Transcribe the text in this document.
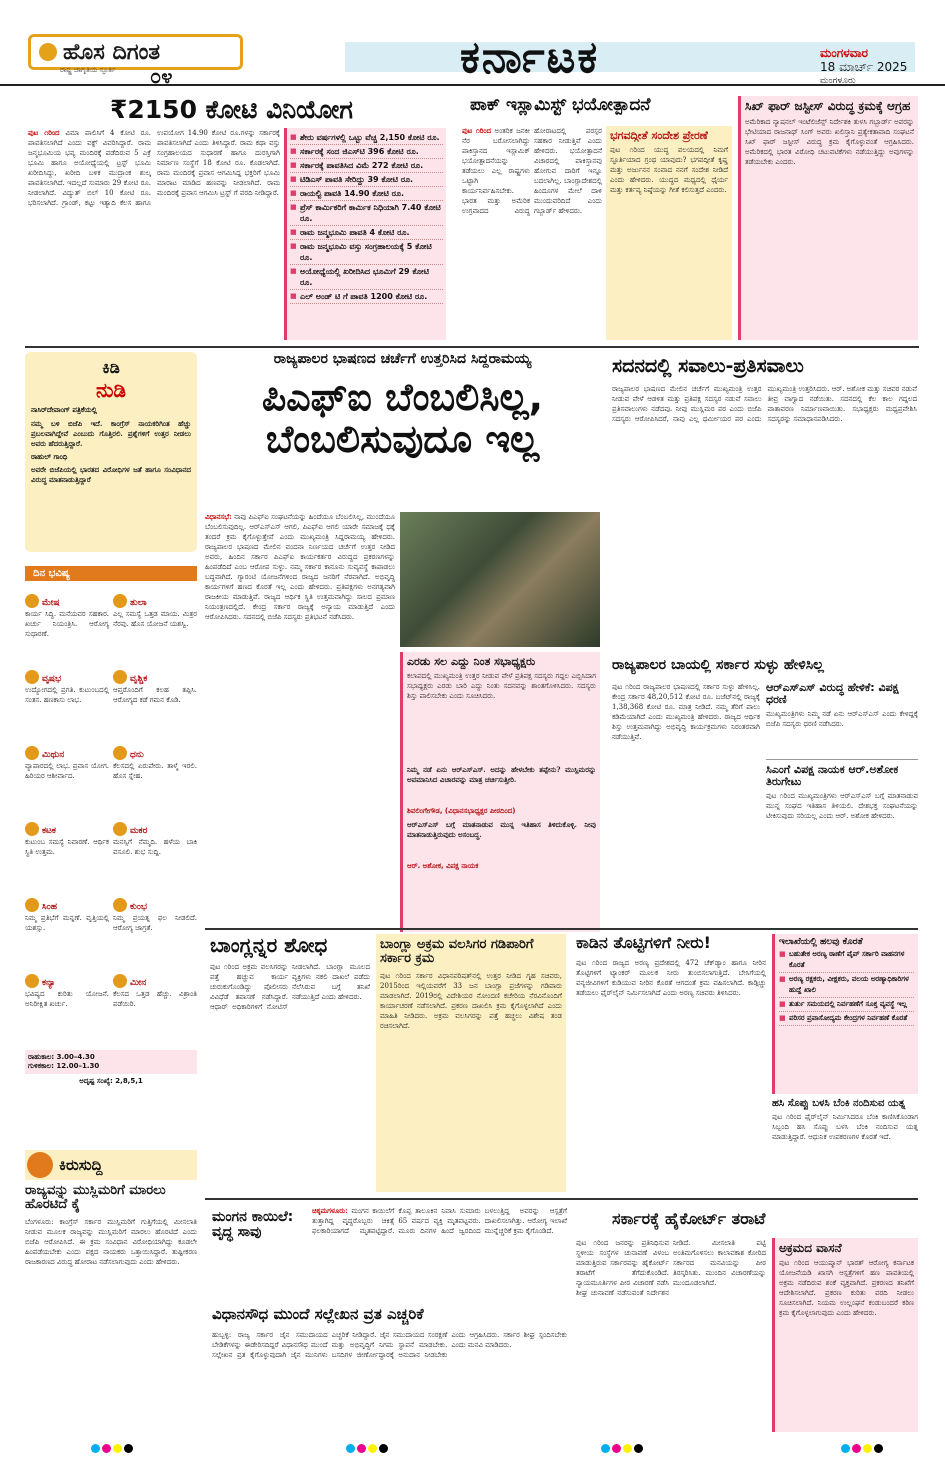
ಹೊಸ ದಿಗಂತ
ರಾಷ್ಟ್ರ ಜಾಗೃತಿಯ ಸ್ಫೂರ್ತಿ ೦೪	ಕರ್ನಾಟಕ	ಮಂಗಳವಾರ
18 ಮಾರ್ಚ್ 2025
ಮಂಗಳೂರು
₹2150 ಕೋಟಿ ವಿನಿಯೋಗ
ಪುಟ ೧ರಿಂದ ವಿಮಾ ಪಾಲಿಸಿಗೆ 4 ಕೋಟಿ ರೂ. ಪಾವತಿಸಲಾಗಿದೆ ಎಂದು ವಕ್ಫ್ ವಿವರಿಸಿದ್ದಾರೆ. ರಾಮ ಜನ್ಮಭೂಮಿಯ ಭವ್ಯ ಮಂದಿರಕ್ಕೆ ಪಡೆದಿರುವ 5 ಎಕ್ರೆ ಭೂಮಿ ಹಾಗೂ ಅಯೋಧ್ಯೆಯಲ್ಲಿ ಟ್ರಸ್ಟ್ ಭೂಮಿ ಖರೀದಿಸಿದ್ದು, ಖರೀದಿ ಬಳಿಕ ಮುದ್ರಾಂಕ ಶುಲ್ಕ ಪಾವತಿಸಲಾಗಿದೆ. ಇದಲ್ಲದೆ ಸುಮಾರು 29 ಕೋಟಿ ರೂ. ನೀಡಲಾಗಿದೆ. ವಿದ್ಯುತ್ ಬಿಲ್ 10 ಕೋಟಿ ರೂ. ಭರಿಸಲಾಗಿದೆ. ಗ್ರಾಂಡ್, ಕಟ್ಟು ಇತ್ಯಾದಿ ಕೆಲಸ ಹಾಗೂ ಉಪಯೋಗ 14.90 ಕೋಟಿ ರೂ.ಗಳನ್ನು ಸರ್ಕಾರಕ್ಕೆ ಪಾವತಿಸಲಾಗಿದೆ ಎಂದು ತಿಳಿಸಿದ್ದಾರೆ. ರಾಮ ಕಥಾ ವಸ್ತು ಸಂಗ್ರಹಾಲಯದ ಸುಧಾರಣೆ ಹಾಗೂ ದುರಸ್ತಿಗಾಗಿ ನಿರ್ಮಾಣ ಸಂಸ್ಥೆಗೆ 18 ಕೋಟಿ ರೂ. ಕೊಡಲಾಗಿದೆ. ರಾಮ ಮಂದಿರಕ್ಕೆ ಪ್ರವಾಸ ಆಗಮಿಸಿದ್ದ ಭಕ್ತರಿಗೆ ಭೂಮಿ ಮಾರಾಟ ಮಾಡಿದ ಹಣವನ್ನು ನೀಡಲಾಗಿದೆ. ರಾಮ ಮಂದಿರಕ್ಕೆ ಪ್ರವಾಸ ಆಗಮಿಸಿ ಟ್ರಸ್ಟ್ ಗೆ ವರದಿ ನೀಡಿದ್ದಾರೆ.
■ ಶೇರು ವರ್ಷಗಳಲ್ಲಿ ಒಟ್ಟು ವೆಚ್ಚ 2,150 ಕೋಟಿ ರೂ.
■ ಸರ್ಕಾರಕ್ಕೆ ಸಂದ ಜಿಎಸ್‌ಟಿ 396 ಕೋಟಿ ರೂ.
■ ಸರ್ಕಾರಕ್ಕೆ ಪಾವತಿಸಿದ ವಿಮೆ 272 ಕೋಟಿ ರೂ.
■ ಟಿಡಿಎಸ್ ಪಾವತಿ ಸೇರಿದ್ದು 39 ಕೋಟಿ ರೂ.
■ ರಾಯಲ್ಟಿ ಪಾವತಿ 14.90 ಕೋಟಿ ರೂ.
■ ಪ್ರೆಸ್ ಕಾರ್ಮಿಕರಿಗೆ ಕಾರ್ಮಿಕ ನಿಧಿಯಾಗಿ 7.40 ಕೋಟಿ ರೂ.
■ ರಾಮ ಜನ್ಮಭೂಮಿ ಪಾವತಿ 4 ಕೋಟಿ ರೂ.
■ ರಾಮ ಜನ್ಮಭೂಮಿ ವಸ್ತು ಸಂಗ್ರಹಾಲಯಕ್ಕೆ 5 ಕೋಟಿ ರೂ.
■ ಅಯೋಧ್ಯೆಯಲ್ಲಿ ಖರೀದಿಸಿದ ಭೂಮಿಗೆ 29 ಕೋಟಿ ರೂ.
■ ಎಲ್ ಅಂಡ್ ಟಿ ಗೆ ಪಾವತಿ 1200 ಕೋಟಿ ರೂ.
ಪಾಕ್ ಇಸ್ಲಾಮಿಸ್ಟ್ ಭಯೋತ್ಪಾದನೆ
ಪುಟ ೧ರಿಂದ ಅಂತರಿಕ ಜನಕೀ ನೆರ ಬರೋಸಲಾಗಿದ್ದು ಪಾಕಿಸ್ತಾನದ ಇಸ್ಲಾಮಿಕ್ ಭಯೋತ್ಪಾದನೆಯನ್ನು ತಡೆಯಲು ಎಲ್ಲ ರಾಷ್ಟ್ರಗಳು ಒಟ್ಟಾಗಿ ಕಾರ್ಯನಿರ್ವಹಿಸಬೇಕು. ಭಾರತ ಮತ್ತು ಅಮೆರಿಕ ಉಗ್ರವಾದದ ವಿರುದ್ಧ ಹೋರಾಟದಲ್ಲಿ ಪರಸ್ಪರ ಸಹಕಾರ ನೀಡುತ್ತಿವೆ ಎಂದು ಹೇಳಿದರು. ಭಯೋತ್ಪಾದನೆ ವಿಚಾರದಲ್ಲಿ ಪಾಕಿಸ್ತಾನವು ಹೋಗುವ ದಾರಿಗೆ ಇನ್ನೂ ಬದಲಾಗಿಲ್ಲ. ಬಾಂಗ್ಲಾದೇಶದಲ್ಲಿ ಹಿಂದೂಗಳ ಮೇಲೆ ದಾಳಿ ಮುಂದುವರಿದಿದೆ ಎಂದು ಗಬ್ಬಾರ್ಡ್ ಹೇಳಿದರು.
ಭಗವದ್ಗೀತೆ ಸಂದೇಶ ಪ್ರೇರಣೆ
ಪುಟ ೧ರಿಂದ ಯುದ್ಧ ವಲಯದಲ್ಲಿ ನಿಮಗೆ ಸ್ಫೂರ್ತಿಯಾದ ಗ್ರಂಥ ಯಾವುದು? ಭಗವದ್ಗೀತೆ ಕೃಷ್ಣ ಮತ್ತು ಅರ್ಜುನನ ಸಂವಾದ ನನಗೆ ಸಂದೇಶ ನೀಡಿದೆ ಎಂದು ಹೇಳಿದರು. ಯುದ್ಧದ ಮಧ್ಯದಲ್ಲಿ ಧೈರ್ಯ ಮತ್ತು ಕರ್ತವ್ಯ ನಿಷ್ಠೆಯನ್ನು ಗೀತೆ ಕಲಿಸುತ್ತದೆ ಎಂದರು.
ಸಿಖ್ ಫಾರ್ ಜಸ್ಟೀಸ್ ವಿರುದ್ಧ ಕ್ರಮಕ್ಕೆ ಆಗ್ರಹ
ಅಮೆರಿಕಾದ ನ್ಯಾಷನಲ್ ಇಂಟೆಲಿಜೆನ್ಸ್ ನಿರ್ದೇಶಕಿ ತುಳಸಿ ಗಬ್ಬಾರ್ಡ್ ಅವರನ್ನು ಭೇಟಿಯಾದ ರಾಜನಾಥ್ ಸಿಂಗ್ ಅವರು ಖಲಿಸ್ತಾನಿ ಪ್ರತ್ಯೇಕತಾವಾದಿ ಸಂಘಟನೆ ಸಿಖ್ ಫಾರ್ ಜಸ್ಟೀಸ್ ವಿರುದ್ಧ ಕ್ರಮ ಕೈಗೊಳ್ಳುವಂತೆ ಆಗ್ರಹಿಸಿದರು. ಅಮೆರಿಕದಲ್ಲಿ ಭಾರತ ವಿರೋಧಿ ಚಟುವಟಿಕೆಗಳು ನಡೆಯುತ್ತಿದ್ದು ಅವುಗಳನ್ನು ತಡೆಯಬೇಕು ಎಂದರು.
ಕಿಡಿ
ನುಡಿ
ನಾಸಿರ್‌ದೇವಾಂಗ್ ಪತ್ರಿಕೆಯಲ್ಲಿ
ನಮ್ಮ ಬಳಿ ಬಿಜೆಪಿ ಇದೆ. ಕಾಂಗ್ರೆಸ್ ನಾಯಕರಿಗಿಂತ ಹೆಚ್ಚು ಪ್ರಬಲವಾಗಿದ್ದೇವೆ ಎಂಬುದು ಗೊತ್ತಿರಲಿ. ಪ್ರಶ್ನೆಗಳಿಗೆ ಉತ್ತರ ನೀಡಲು ಅವರು ಹೆದರುತ್ತಿದ್ದಾರೆ.
ರಾಹುಲ್ ಗಾಂಧಿ
ಅವರೇ ಬಿಜೆಪಿಯಲ್ಲಿ ಭಾರತದ ವಿರೋಧಿಗಳ ಜತೆ ಹಾಗೂ ಸಂವಿಧಾನದ ವಿರುದ್ಧ ಮಾತನಾಡುತ್ತಿದ್ದಾರೆ
ದಿನ ಭವಿಷ್ಯ
ಮೇಷ
ಕಾರ್ಯ ಸಿದ್ಧಿ. ಮನೆಯವರ ಸಹಕಾರ. ಖರ್ಚು ನಿಯಂತ್ರಿಸಿ. ಆರೋಗ್ಯ ಸುಧಾರಣೆ.
ತುಲಾ
ಎಲ್ಲ ಸಮಸ್ಯೆ ಒತ್ತಡ ಮಾಯ. ಮಿತ್ರರ ನೆರವು. ಹೊಸ ಯೋಜನೆ ಯಶಸ್ವಿ.
ವೃಷಭ
ಉದ್ಯೋಗದಲ್ಲಿ ಪ್ರಗತಿ. ಕುಟುಂಬದಲ್ಲಿ ಸಂತಸ. ಹಣಕಾಸು ಲಾಭ.
ವೃಶ್ಚಿಕ
ಆಪ್ತರೊಂದಿಗೆ ಕಲಹ ತಪ್ಪಿಸಿ. ಆರೋಗ್ಯದ ಕಡೆ ಗಮನ ಕೊಡಿ.
ಮಿಥುನ
ವ್ಯಾಪಾರದಲ್ಲಿ ಲಾಭ. ಪ್ರವಾಸ ಯೋಗ. ಹಿರಿಯರ ಆಶೀರ್ವಾದ.
ಧನು
ಕೆಲಸದಲ್ಲಿ ಏರುಪೇರು. ತಾಳ್ಮೆ ಇರಲಿ. ಹೊಸ ಸ್ನೇಹ.
ಕಟಕ
ಕುಟುಂಬ ಸಮಸ್ಯೆ ನಿವಾರಣೆ. ಆರ್ಥಿಕ ಸ್ಥಿತಿ ಉತ್ತಮ.
ಮಕರ
ಮನಸ್ಸಿಗೆ ನೆಮ್ಮದಿ. ಹಳೆಯ ಬಾಕಿ ವಸೂಲಿ. ಶುಭ ಸುದ್ದಿ.
ಸಿಂಹ
ನಿಮ್ಮ ಪ್ರತಿಭೆಗೆ ಮನ್ನಣೆ. ವೃತ್ತಿಯಲ್ಲಿ ಯಶಸ್ಸು.
ಕುಂಭ
ನಿಮ್ಮ ಪ್ರಯತ್ನ ಫಲ ನೀಡಲಿದೆ. ಆರೋಗ್ಯ ಜಾಗ್ರತೆ.
ಕನ್ಯಾ
ಭವಿಷ್ಯದ ಕುರಿತು ಯೋಜನೆ. ಅನಿರೀಕ್ಷಿತ ಖರ್ಚು.
ಮೀನ
ಕೆಲಸದ ಒತ್ತಡ ಹೆಚ್ಚು. ವಿಶ್ರಾಂತಿ ಪಡೆಯಿರಿ.
ರಾಹುಕಾಲ: 3.00–4.30
ಗುಳಿಕಕಾಲ: 12.00–1.30
ಅದೃಷ್ಟ ಸಂಖ್ಯೆ: 2,8,5,1
ಕಿರುಸುದ್ದಿ
ರಾಜ್ಯವನ್ನು ಮುಸ್ಲಿಮರಿಗೆ ಮಾರಲು ಹೊರಟಿದೆ ಕೈ
ಬೆಂಗಳೂರು: ಕಾಂಗ್ರೆಸ್ ಸರ್ಕಾರ ಮುಸ್ಲಿಮರಿಗೆ ಗುತ್ತಿಗೆಯಲ್ಲಿ ಮೀಸಲಾತಿ ನೀಡುವ ಮೂಲಕ ರಾಜ್ಯವನ್ನು ಮುಸ್ಲಿಮರಿಗೆ ಮಾರಲು ಹೊರಟಿದೆ ಎಂದು ಬಿಜೆಪಿ ಆರೋಪಿಸಿದೆ. ಈ ಕ್ರಮ ಸಂವಿಧಾನ ವಿರೋಧಿಯಾಗಿದ್ದು ಕೂಡಲೇ ಹಿಂಪಡೆಯಬೇಕು ಎಂದು ಪಕ್ಷದ ನಾಯಕರು ಒತ್ತಾಯಿಸಿದ್ದಾರೆ. ತುಷ್ಟೀಕರಣ ರಾಜಕಾರಣದ ವಿರುದ್ಧ ಹೋರಾಟ ನಡೆಸಲಾಗುವುದು ಎಂದು ಹೇಳಿದರು.
ರಾಜ್ಯಪಾಲರ ಭಾಷಣದ ಚರ್ಚೆಗೆ ಉತ್ತರಿಸಿದ ಸಿದ್ದರಾಮಯ್ಯ
ಪಿಎಫ್‌ಐ ಬೆಂಬಲಿಸಿಲ್ಲ,
ಬೆಂಬಲಿಸುವುದೂ ಇಲ್ಲ
ವಿಧಾನಸಭೆ: ನಾವು ಪಿಎಫ್‌ಐ ಸಂಘಟನೆಯನ್ನು ಹಿಂದೆಯೂ ಬೆಂಬಲಿಸಿಲ್ಲ, ಮುಂದೆಯೂ ಬೆಂಬಲಿಸುವುದಿಲ್ಲ. ಆರ್‌ಎಸ್‌ಎಸ್ ಆಗಲಿ, ಪಿಎಫ್‌ಐ ಆಗಲಿ ಯಾರೇ ಸಮಾಜಕ್ಕೆ ಧಕ್ಕೆ ತಂದರೆ ಕ್ರಮ ಕೈಗೊಳ್ಳುತ್ತೇವೆ ಎಂದು ಮುಖ್ಯಮಂತ್ರಿ ಸಿದ್ದರಾಮಯ್ಯ ಹೇಳಿದರು. ರಾಜ್ಯಪಾಲರ ಭಾಷಣದ ಮೇಲಿನ ವಂದನಾ ನಿರ್ಣಯದ ಚರ್ಚೆಗೆ ಉತ್ತರ ನೀಡಿದ ಅವರು, ಹಿಂದಿನ ಸರ್ಕಾರ ಪಿಎಫ್‌ಐ ಕಾರ್ಯಕರ್ತರ ವಿರುದ್ಧದ ಪ್ರಕರಣಗಳನ್ನು ಹಿಂಪಡೆದಿದೆ ಎಂಬ ಆರೋಪ ಸುಳ್ಳು. ನಮ್ಮ ಸರ್ಕಾರ ಕಾನೂನು ಸುವ್ಯವಸ್ಥೆ ಕಾಪಾಡಲು ಬದ್ಧವಾಗಿದೆ. ಗ್ಯಾರಂಟಿ ಯೋಜನೆಗಳಿಂದ ರಾಜ್ಯದ ಜನರಿಗೆ ನೆರವಾಗಿದೆ. ಅಭಿವೃದ್ಧಿ ಕಾರ್ಯಗಳಿಗೆ ಹಣದ ಕೊರತೆ ಇಲ್ಲ ಎಂದು ಹೇಳಿದರು. ಪ್ರತಿಪಕ್ಷಗಳು ಅನಗತ್ಯವಾಗಿ ರಾಜಕೀಯ ಮಾಡುತ್ತಿವೆ. ರಾಜ್ಯದ ಆರ್ಥಿಕ ಸ್ಥಿತಿ ಉತ್ತಮವಾಗಿದ್ದು ಸಾಲದ ಪ್ರಮಾಣ ನಿಯಂತ್ರಣದಲ್ಲಿದೆ. ಕೇಂದ್ರ ಸರ್ಕಾರ ರಾಜ್ಯಕ್ಕೆ ಅನ್ಯಾಯ ಮಾಡುತ್ತಿದೆ ಎಂದು ಆರೋಪಿಸಿದರು. ಸದನದಲ್ಲಿ ಬಿಜೆಪಿ ಸದಸ್ಯರು ಪ್ರತಿಭಟನೆ ನಡೆಸಿದರು.
ಎರಡು ಸಲ ಎದ್ದು ನಿಂತ ಸಭಾಧ್ಯಕ್ಷರು
ಕಲಾಪದಲ್ಲಿ ಮುಖ್ಯಮಂತ್ರಿ ಉತ್ತರ ನೀಡುವ ವೇಳೆ ಪ್ರತಿಪಕ್ಷ ಸದಸ್ಯರು ಗದ್ದಲ ಎಬ್ಬಿಸಿದಾಗ ಸಭಾಧ್ಯಕ್ಷರು ಎರಡು ಬಾರಿ ಎದ್ದು ನಿಂತು ಸದನವನ್ನು ಶಾಂತಗೊಳಿಸಿದರು. ಸದಸ್ಯರು ಶಿಸ್ತು ಪಾಲಿಸಬೇಕು ಎಂದು ಸೂಚಿಸಿದರು.
ನಿಮ್ಮ ನಡೆ ಏನು ಆರ್‌ಎಸ್‌ಎಸ್. ಅದನ್ನು ಹೇಳಬೇಕು ತಪ್ಪೇನು? ಮುಸ್ಲಿಮರನ್ನು ಅವಮಾನಿಸಿದ ವಿಚಾರವನ್ನು ಮಾತ್ರ ಚರ್ಚಿಸುತ್ತೀರಿ.
ಶಿವಲಿಂಗೇಗೌಡ, (ವಿಧಾನಸಭಾಧ್ಯಕ್ಷರ ಪೀಠದಿಂದ)
ಆರ್‌ಎಸ್‌ಎಸ್ ಬಗ್ಗೆ ಮಾತನಾಡುವ ಮುನ್ನ ಇತಿಹಾಸ ತಿಳಿದುಕೊಳ್ಳಿ. ನೀವು ಮಾತನಾಡುತ್ತಿರುವುದು ಅಸಂಬದ್ಧ.
ಆರ್. ಅಶೋಕ, ವಿಪಕ್ಷ ನಾಯಕ
ಸದನದಲ್ಲಿ ಸವಾಲು-ಪ್ರತಿಸವಾಲು
ರಾಜ್ಯಪಾಲರ ಭಾಷಣದ ಮೇಲಿನ ಚರ್ಚೆಗೆ ಮುಖ್ಯಮಂತ್ರಿ ಉತ್ತರ ನೀಡುವ ವೇಳೆ ಆಡಳಿತ ಮತ್ತು ಪ್ರತಿಪಕ್ಷ ಸದಸ್ಯರ ನಡುವೆ ಸವಾಲು ಪ್ರತಿಸವಾಲುಗಳು ನಡೆದವು. ನೀವು ಮುಸ್ಲಿಮರ ಪರ ಎಂದು ಬಿಜೆಪಿ ಸದಸ್ಯರು ಆರೋಪಿಸಿದರೆ, ನಾವು ಎಲ್ಲ ಧರ್ಮೀಯರ ಪರ ಎಂದು ಮುಖ್ಯಮಂತ್ರಿ ಉತ್ತರಿಸಿದರು. ಆರ್. ಅಶೋಕ ಮತ್ತು ಸಚಿವರ ನಡುವೆ ತೀವ್ರ ವಾಗ್ವಾದ ನಡೆಯಿತು. ಸದನದಲ್ಲಿ ಕೆಲ ಕಾಲ ಗದ್ದಲದ ವಾತಾವರಣ ನಿರ್ಮಾಣವಾಯಿತು. ಸಭಾಧ್ಯಕ್ಷರು ಮಧ್ಯಪ್ರವೇಶಿಸಿ ಸದಸ್ಯರನ್ನು ಸಮಾಧಾನಪಡಿಸಿದರು.
ರಾಜ್ಯಪಾಲರ ಬಾಯಲ್ಲಿ ಸರ್ಕಾರ ಸುಳ್ಳು ಹೇಳಿಸಿಲ್ಲ
ಪುಟ ೧ರಿಂದ ರಾಜ್ಯಪಾಲರ ಭಾಷಣದಲ್ಲಿ ಸರ್ಕಾರ ಸುಳ್ಳು ಹೇಳಿಸಿಲ್ಲ. ಕೇಂದ್ರ ಸರ್ಕಾರ 48,20,512 ಕೋಟಿ ರೂ. ಬಜೆಟ್‌ನಲ್ಲಿ ರಾಜ್ಯಕ್ಕೆ 1,38,368 ಕೋಟಿ ರೂ. ಮಾತ್ರ ನೀಡಿದೆ. ನಮ್ಮ ತೆರಿಗೆ ಪಾಲು ಕಡಿಮೆಯಾಗಿದೆ ಎಂದು ಮುಖ್ಯಮಂತ್ರಿ ಹೇಳಿದರು. ರಾಜ್ಯದ ಆರ್ಥಿಕ ಶಿಸ್ತು ಉತ್ತಮವಾಗಿದ್ದು ಅಭಿವೃದ್ಧಿ ಕಾರ್ಯಕ್ರಮಗಳು ನಿರಂತರವಾಗಿ ನಡೆಯುತ್ತಿವೆ.
ಆರ್‌ಎಸ್‌ಎಸ್ ವಿರುದ್ಧ ಹೇಳಿಕೆ: ವಿಪಕ್ಷ ಧರಣಿ
ಮುಖ್ಯಮಂತ್ರಿಗಳು ನಿಮ್ಮ ನಡೆ ಏನು ಆರ್‌ಎಸ್‌ಎಸ್ ಎಂದು ಕೇಳಿದ್ದಕ್ಕೆ ಬಿಜೆಪಿ ಸದಸ್ಯರು ಧರಣಿ ನಡೆಸಿದರು.
ಸಿಎಂಗೆ ವಿಪಕ್ಷ ನಾಯಕ ಆರ್.ಅಶೋಕ ತಿರುಗೇಟು
ಪುಟ ೧ರಿಂದ ಮುಖ್ಯಮಂತ್ರಿಗಳು ಆರ್‌ಎಸ್‌ಎಸ್ ಬಗ್ಗೆ ಮಾತನಾಡುವ ಮುನ್ನ ಸಂಘದ ಇತಿಹಾಸ ತಿಳಿಯಲಿ. ದೇಶಭಕ್ತ ಸಂಘಟನೆಯನ್ನು ಟೀಕಿಸುವುದು ಸರಿಯಲ್ಲ ಎಂದು ಆರ್. ಅಶೋಕ ಹೇಳಿದರು.
ಬಾಂಗ್ಲನ್ನರ ಶೋಧ
ಪುಟ ೧ರಿಂದ ಅಕ್ರಮ ವಲಸಿಗರನ್ನು ಪತ್ತೆ ಹಚ್ಚುವ ಕಾರ್ಯ ಚುರುಕುಗೊಂಡಿದ್ದು ಪೊಲೀಸರು ವಿವಿಧೆಡೆ ತಪಾಸಣೆ ನಡೆಸಿದ್ದಾರೆ. ಆಧಾರ್ ಅಧಿಕಾರಿಗಳಿಗೆ ನೋಟಿಸ್ ನೀಡಲಾಗಿದೆ. ಬಾಂಗ್ಲಾ ಮೂಲದ ವ್ಯಕ್ತಿಗಳು ನಕಲಿ ದಾಖಲೆ ಪಡೆದು ನೆಲೆಸಿರುವ ಬಗ್ಗೆ ತನಿಖೆ ನಡೆಯುತ್ತಿದೆ ಎಂದು ಹೇಳಿದರು.
ಬಾಂಗ್ಲಾ ಅಕ್ರಮ ವಲಸಿಗರ ಗಡಿಪಾರಿಗೆ ಸರ್ಕಾರ ಕ್ರಮ
ಪುಟ ೧ರಿಂದ ಸರ್ಕಾರ ವಿಧಾನಪರಿಷತ್‌ನಲ್ಲಿ ಉತ್ತರ ನೀಡಿದ ಗೃಹ ಸಚಿವರು, 2015ರಿಂದ ಇಲ್ಲಿಯವರೆಗೆ 33 ಜನ ಬಾಂಗ್ಲಾ ಪ್ರಜೆಗಳನ್ನು ಗಡಿಪಾರು ಮಾಡಲಾಗಿದೆ. 2019ರಲ್ಲಿ ವಿದೇಶಿಯರ ನೋಂದಣಿ ಕಚೇರಿಯ ನೆರವಿನೊಂದಿಗೆ ಕಾರ್ಯಾಚರಣೆ ನಡೆಸಲಾಗಿದೆ. ಪ್ರಕರಣ ದಾಖಲಿಸಿ ಕ್ರಮ ಕೈಗೊಳ್ಳಲಾಗಿದೆ ಎಂದು ಮಾಹಿತಿ ನೀಡಿದರು. ಅಕ್ರಮ ವಲಸಿಗರನ್ನು ಪತ್ತೆ ಹಚ್ಚಲು ವಿಶೇಷ ತಂಡ ರಚಿಸಲಾಗಿದೆ.
ಕಾಡಿನ ತೊಟ್ಟಿಗಳಿಗೆ ನೀರು!
ಪುಟ ೧ರಿಂದ ರಾಜ್ಯದ ಅರಣ್ಯ ಪ್ರದೇಶದಲ್ಲಿ 472 ಚೆಕ್‌ಡ್ಯಾಂ ಹಾಗೂ ನೀರಿನ ತೊಟ್ಟಿಗಳಿಗೆ ಟ್ಯಾಂಕರ್ ಮೂಲಕ ನೀರು ತುಂಬಿಸಲಾಗುತ್ತಿದೆ. ಬೇಸಿಗೆಯಲ್ಲಿ ವನ್ಯಜೀವಿಗಳಿಗೆ ಕುಡಿಯುವ ನೀರಿನ ಕೊರತೆ ಆಗದಂತೆ ಕ್ರಮ ವಹಿಸಲಾಗಿದೆ. ಕಾಡ್ಗಿಚ್ಚು ತಡೆಯಲು ಫೈರ್‌ಲೈನ್ ನಿರ್ಮಿಸಲಾಗಿದೆ ಎಂದು ಅರಣ್ಯ ಸಚಿವರು ತಿಳಿಸಿದರು.
ಇಲಾಖೆಯಲ್ಲಿ ಹಲವು ಕೊರತೆ
■ ಬಹುತೇಕ ಅರಣ್ಯ ಠಾಣೆಗೆ ಪೈಪ್ ಸರ್ಕಾರಿ ವಾಹನಗಳ ಕೊರತೆ
■ ಅರಣ್ಯ ರಕ್ಷಕರು, ವೀಕ್ಷಕರು, ವಲಯ ಅರಣ್ಯಾಧಿಕಾರಿಗಳ ಹುದ್ದೆ ಖಾಲಿ
■ ತುರ್ತು ಸಮಯದಲ್ಲಿ ನಿರ್ವಹಣೆಗೆ ಸೂಕ್ತ ವ್ಯವಸ್ಥೆ ಇಲ್ಲ
■ ಪರಿಸರ ಪ್ರವಾಸೋದ್ಯಮ ಕೇಂದ್ರಗಳ ನಿರ್ವಹಣೆ ಕೊರತೆ
ಹಸಿ ಸೊಪ್ಪು ಬಳಸಿ ಬೆಂಕಿ ನಂದಿಸುವ ಯತ್ನ
ಪುಟ ೧ರಿಂದ ಫೈರ್‌ಲೈನ್ ನಿರ್ಮಿಸಿದರೂ ಬೆಂಕಿ ಕಾಣಿಸಿಕೊಂಡಾಗ ಸಿಬ್ಬಂದಿ ಹಸಿ ಸೊಪ್ಪು ಬಳಸಿ ಬೆಂಕಿ ನಂದಿಸುವ ಯತ್ನ ಮಾಡುತ್ತಿದ್ದಾರೆ. ಆಧುನಿಕ ಉಪಕರಣಗಳ ಕೊರತೆ ಇದೆ.
ಮಂಗನ ಕಾಯಿಲೆ: ವೃದ್ಧ ಸಾವು
ಚಿಕ್ಕಮಗಳೂರು: ಮಂಗನ ಕಾಯಿಲೆಗೆ ತುತ್ತಾಗಿದ್ದ ವೃದ್ಧರೊಬ್ಬರು ಚಿಕಿತ್ಸೆ ಫಲಕಾರಿಯಾಗದೆ ಮೃತಪಟ್ಟಿದ್ದಾರೆ. ಕೊಪ್ಪ ತಾಲೂಕಿನ ನಿವಾಸಿ ಸುಮಾರು 65 ವರ್ಷದ ವ್ಯಕ್ತಿ ಮೃತಪಟ್ಟವರು. ಮೂರು ದಿನಗಳ ಹಿಂದೆ ಜ್ವರದಿಂದ ಬಳಲುತ್ತಿದ್ದ ಅವರನ್ನು ಆಸ್ಪತ್ರೆಗೆ ದಾಖಲಿಸಲಾಗಿತ್ತು. ಆರೋಗ್ಯ ಇಲಾಖೆ ಮುನ್ನೆಚ್ಚರಿಕೆ ಕ್ರಮ ಕೈಗೊಂಡಿದೆ.
ವಿಧಾನಸೌಧ ಮುಂದೆ ಸಲ್ಲೇಖನ ವ್ರತ ಎಚ್ಚರಿಕೆ
ಹುಬ್ಬಳ್ಳಿ: ರಾಜ್ಯ ಸರ್ಕಾರ ಜೈನ ಸಮುದಾಯದ ಬೇಡಿಕೆಗಳನ್ನು ಈಡೇರಿಸದಿದ್ದರೆ ವಿಧಾನಸೌಧ ಮುಂದೆ ಸಲ್ಲೇಖನ ವ್ರತ ಕೈಗೊಳ್ಳುವುದಾಗಿ ಜೈನ ಮುನಿಗಳು ಎಚ್ಚರಿಕೆ ನೀಡಿದ್ದಾರೆ. ಜೈನ ಸಮುದಾಯದ ಸಂರಕ್ಷಣೆ ಮತ್ತು ಅಭಿವೃದ್ಧಿಗೆ ನಿಗಮ ಸ್ಥಾಪನೆ ಮಾಡಬೇಕು. ಬಸದಿಗಳ ಜೀರ್ಣೋದ್ಧಾರಕ್ಕೆ ಅನುದಾನ ನೀಡಬೇಕು ಎಂದು ಆಗ್ರಹಿಸಿದರು. ಸರ್ಕಾರ ಶೀಘ್ರ ಸ್ಪಂದಿಸಬೇಕು ಎಂದು ಮನವಿ ಮಾಡಿದರು.
ಸರ್ಕಾರಕ್ಕೆ ಹೈಕೋರ್ಟ್ ತರಾಟೆ
ಪುಟ ೧ರಿಂದ ಜನರನ್ನು ಪ್ರತಿನಿಧಿಸುವ ಸ್ಥಳೀಯ ಸಂಸ್ಥೆಗಳ ಚುನಾವಣೆ ವಿಳಂಬ ಮಾಡುತ್ತಿರುವ ಸರ್ಕಾರವನ್ನು ಹೈಕೋರ್ಟ್ ತರಾಟೆಗೆ ತೆಗೆದುಕೊಂಡಿದೆ. ನ್ಯಾಯಮೂರ್ತಿಗಳ ಪೀಠ ವಿಚಾರಣೆ ನಡೆಸಿ ಶೀಘ್ರ ಚುನಾವಣೆ ನಡೆಸುವಂತೆ ನಿರ್ದೇಶನ ನೀಡಿದೆ. ಮೀಸಲಾತಿ ಪಟ್ಟಿ ಅಂತಿಮಗೊಳಿಸಲು ಕಾಲಾವಕಾಶ ಕೋರಿದ ಸರ್ಕಾರದ ಮನವಿಯನ್ನು ಪೀಠ ತಿರಸ್ಕರಿಸಿತು. ಮುಂದಿನ ವಿಚಾರಣೆಯನ್ನು ಮುಂದೂಡಲಾಗಿದೆ.
ಅಕ್ರಮದ ವಾಸನೆ
ಪುಟ ೧ರಿಂದ ಆಯುಷ್ಮಾನ್ ಭಾರತ್ ಆರೋಗ್ಯ ಕರ್ನಾಟಕ ಯೋಜನೆಯಡಿ ಖಾಸಗಿ ಆಸ್ಪತ್ರೆಗಳಿಗೆ ಹಣ ಪಾವತಿಯಲ್ಲಿ ಅಕ್ರಮ ನಡೆದಿರುವ ಶಂಕೆ ವ್ಯಕ್ತವಾಗಿದೆ. ಪ್ರಕರಣದ ತನಿಖೆಗೆ ಆದೇಶಿಸಲಾಗಿದೆ. ಪ್ರಕರಣ ಕುರಿತು ವರದಿ ನೀಡಲು ಸೂಚಿಸಲಾಗಿದೆ. ನಿಯಮ ಉಲ್ಲಂಘನೆ ಕಂಡುಬಂದರೆ ಕಠಿಣ ಕ್ರಮ ಕೈಗೊಳ್ಳಲಾಗುವುದು ಎಂದು ಹೇಳಿದರು.
